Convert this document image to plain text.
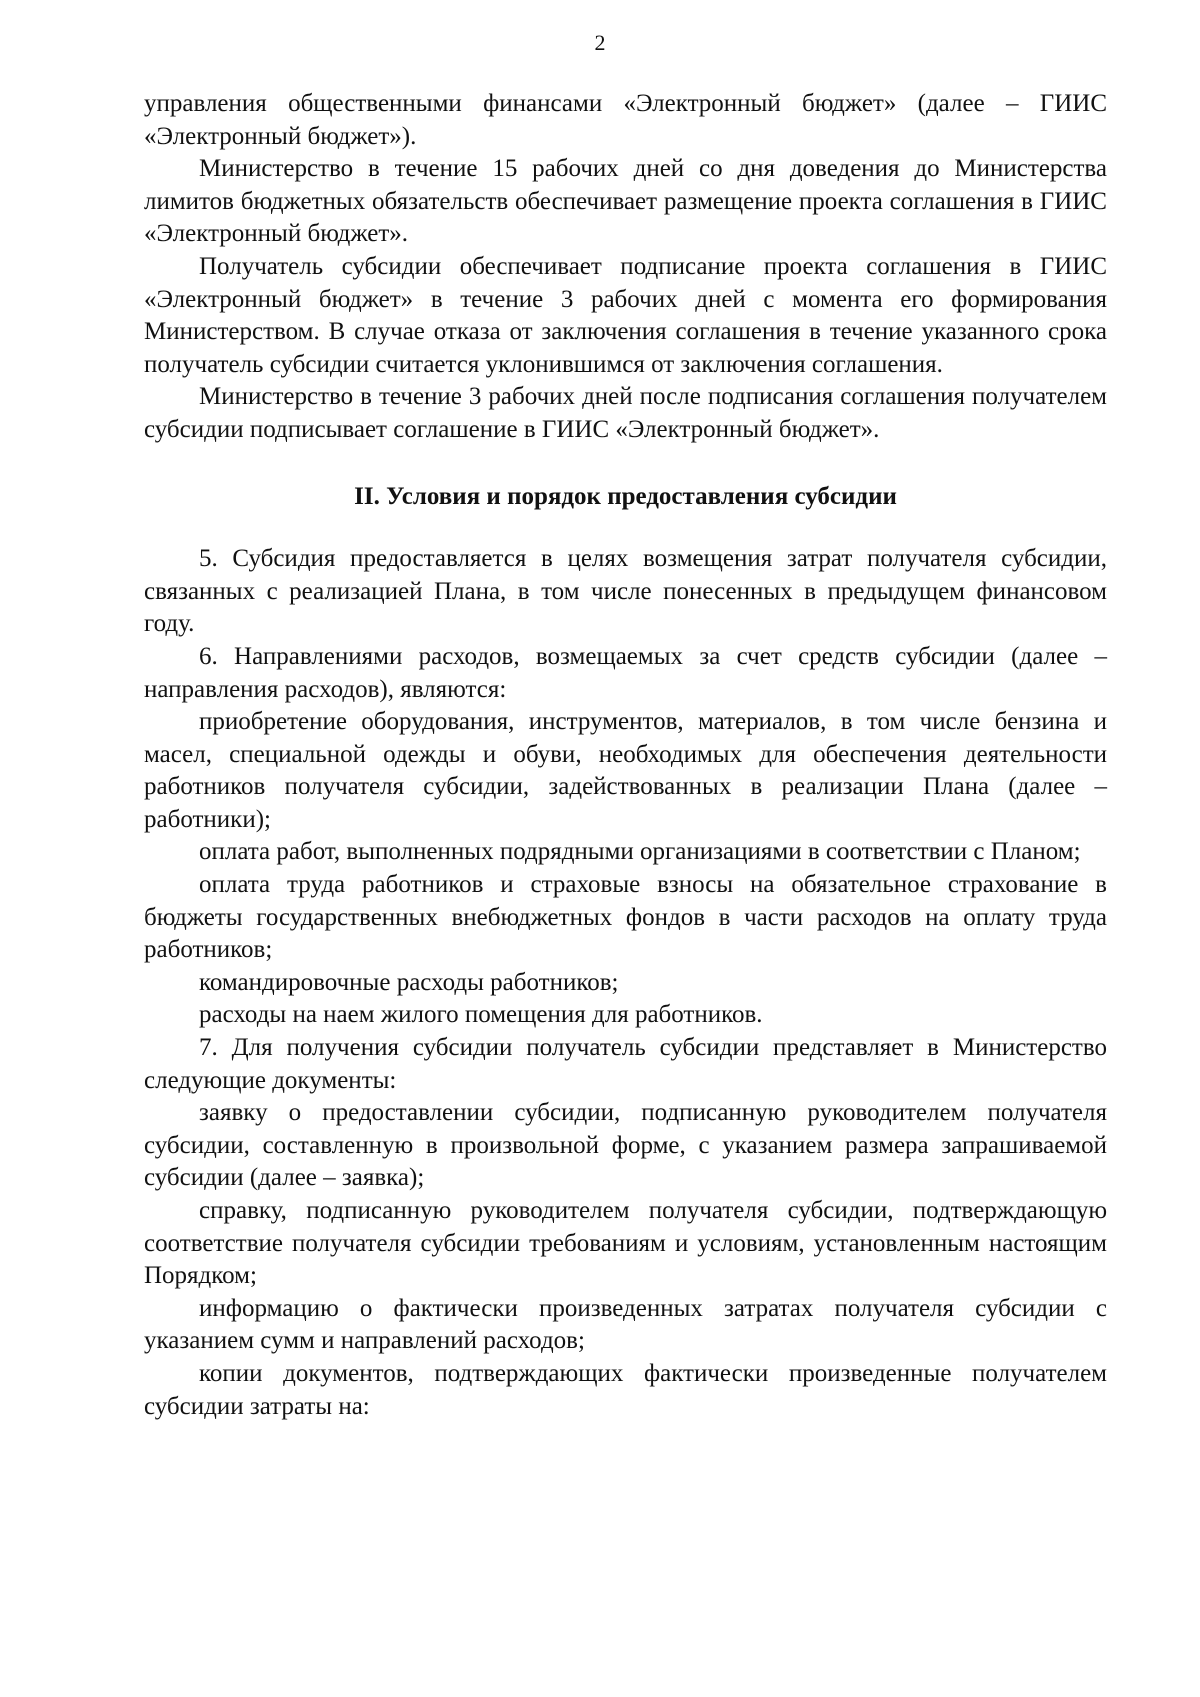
2

управления общественными финансами «Электронный бюджет» (далее – ГИИС «Электронный бюджет»).

Министерство в течение 15 рабочих дней со дня доведения до Министерства лимитов бюджетных обязательств обеспечивает размещение проекта соглашения в ГИИС «Электронный бюджет».

Получатель субсидии обеспечивает подписание проекта соглашения в ГИИС «Электронный бюджет» в течение 3 рабочих дней с момента его формирования Министерством. В случае отказа от заключения соглашения в течение указанного срока получатель субсидии считается уклонившимся от заключения соглашения.

Министерство в течение 3 рабочих дней после подписания соглашения получателем субсидии подписывает соглашение в ГИИС «Электронный бюджет».

II. Условия и порядок предоставления субсидии

5. Субсидия предоставляется в целях возмещения затрат получателя субсидии, связанных с реализацией Плана, в том числе понесенных в предыдущем финансовом году.

6. Направлениями расходов, возмещаемых за счет средств субсидии (далее – направления расходов), являются:

приобретение оборудования, инструментов, материалов, в том числе бензина и масел, специальной одежды и обуви, необходимых для обеспечения деятельности работников получателя субсидии, задействованных в реализации Плана (далее – работники);

оплата работ, выполненных подрядными организациями в соответствии с Планом;

оплата труда работников и страховые взносы на обязательное страхование в бюджеты государственных внебюджетных фондов в части расходов на оплату труда работников;

командировочные расходы работников;

расходы на наем жилого помещения для работников.

7. Для получения субсидии получатель субсидии представляет в Министерство следующие документы:

заявку о предоставлении субсидии, подписанную руководителем получателя субсидии, составленную в произвольной форме, с указанием размера запрашиваемой субсидии (далее – заявка);

справку, подписанную руководителем получателя субсидии, подтверждающую соответствие получателя субсидии требованиям и условиям, установленным настоящим Порядком;

информацию о фактически произведенных затратах получателя субсидии с указанием сумм и направлений расходов;

копии документов, подтверждающих фактически произведенные получателем субсидии затраты на:
